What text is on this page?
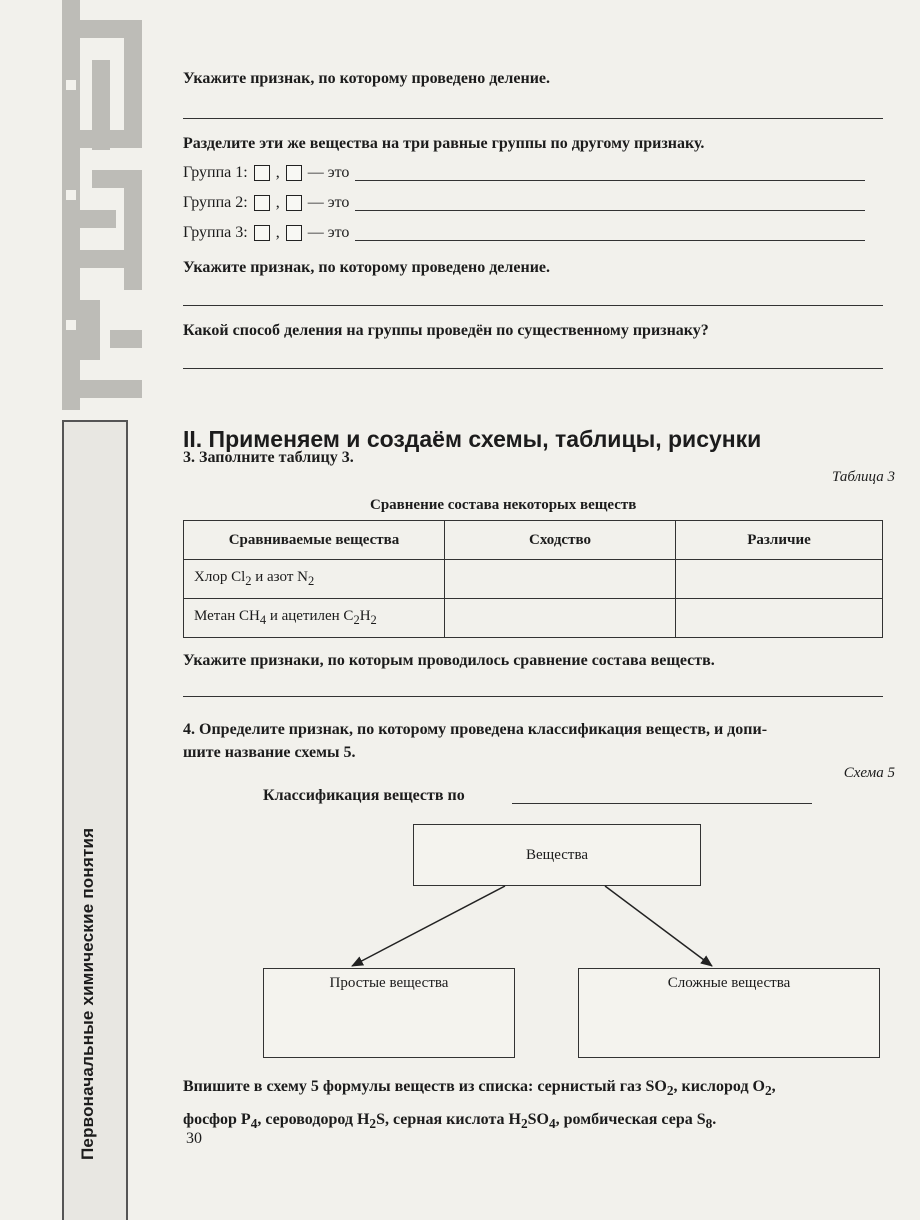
Первоначальные химические понятия
Укажите признак, по которому проведено деление.
Разделите эти же вещества на три равные группы по другому признаку.
Группа 1: , — это
Группа 2: , — это
Группа 3: , — это
Укажите признак, по которому проведено деление.
Какой способ деления на группы проведён по существенному признаку?
II. Применяем и создаём схемы, таблицы, рисунки
3. Заполните таблицу 3.
Таблица 3
Сравнение состава некоторых веществ
Сравниваемые вещества	Сходство	Различие
Хлор $Cl_2$ и азот $N_2$		
Метан $CH_4$ и ацетилен $C_2H_2$		
Укажите признаки, по которым проводилось сравнение состава веществ.
4. Определите признак, по которому проведена классификация веществ, и допи-
шите название схемы 5.
Схема 5
Классификация веществ по
Вещества
Простые вещества	Сложные вещества
Впишите в схему 5 формулы веществ из списка: сернистый газ $SO_2$, кислород $O_2$,
фосфор $P_4$, сероводород $H_2S$, серная кислота $H_2SO_4$, ромбическая сера $S_8$.
30
